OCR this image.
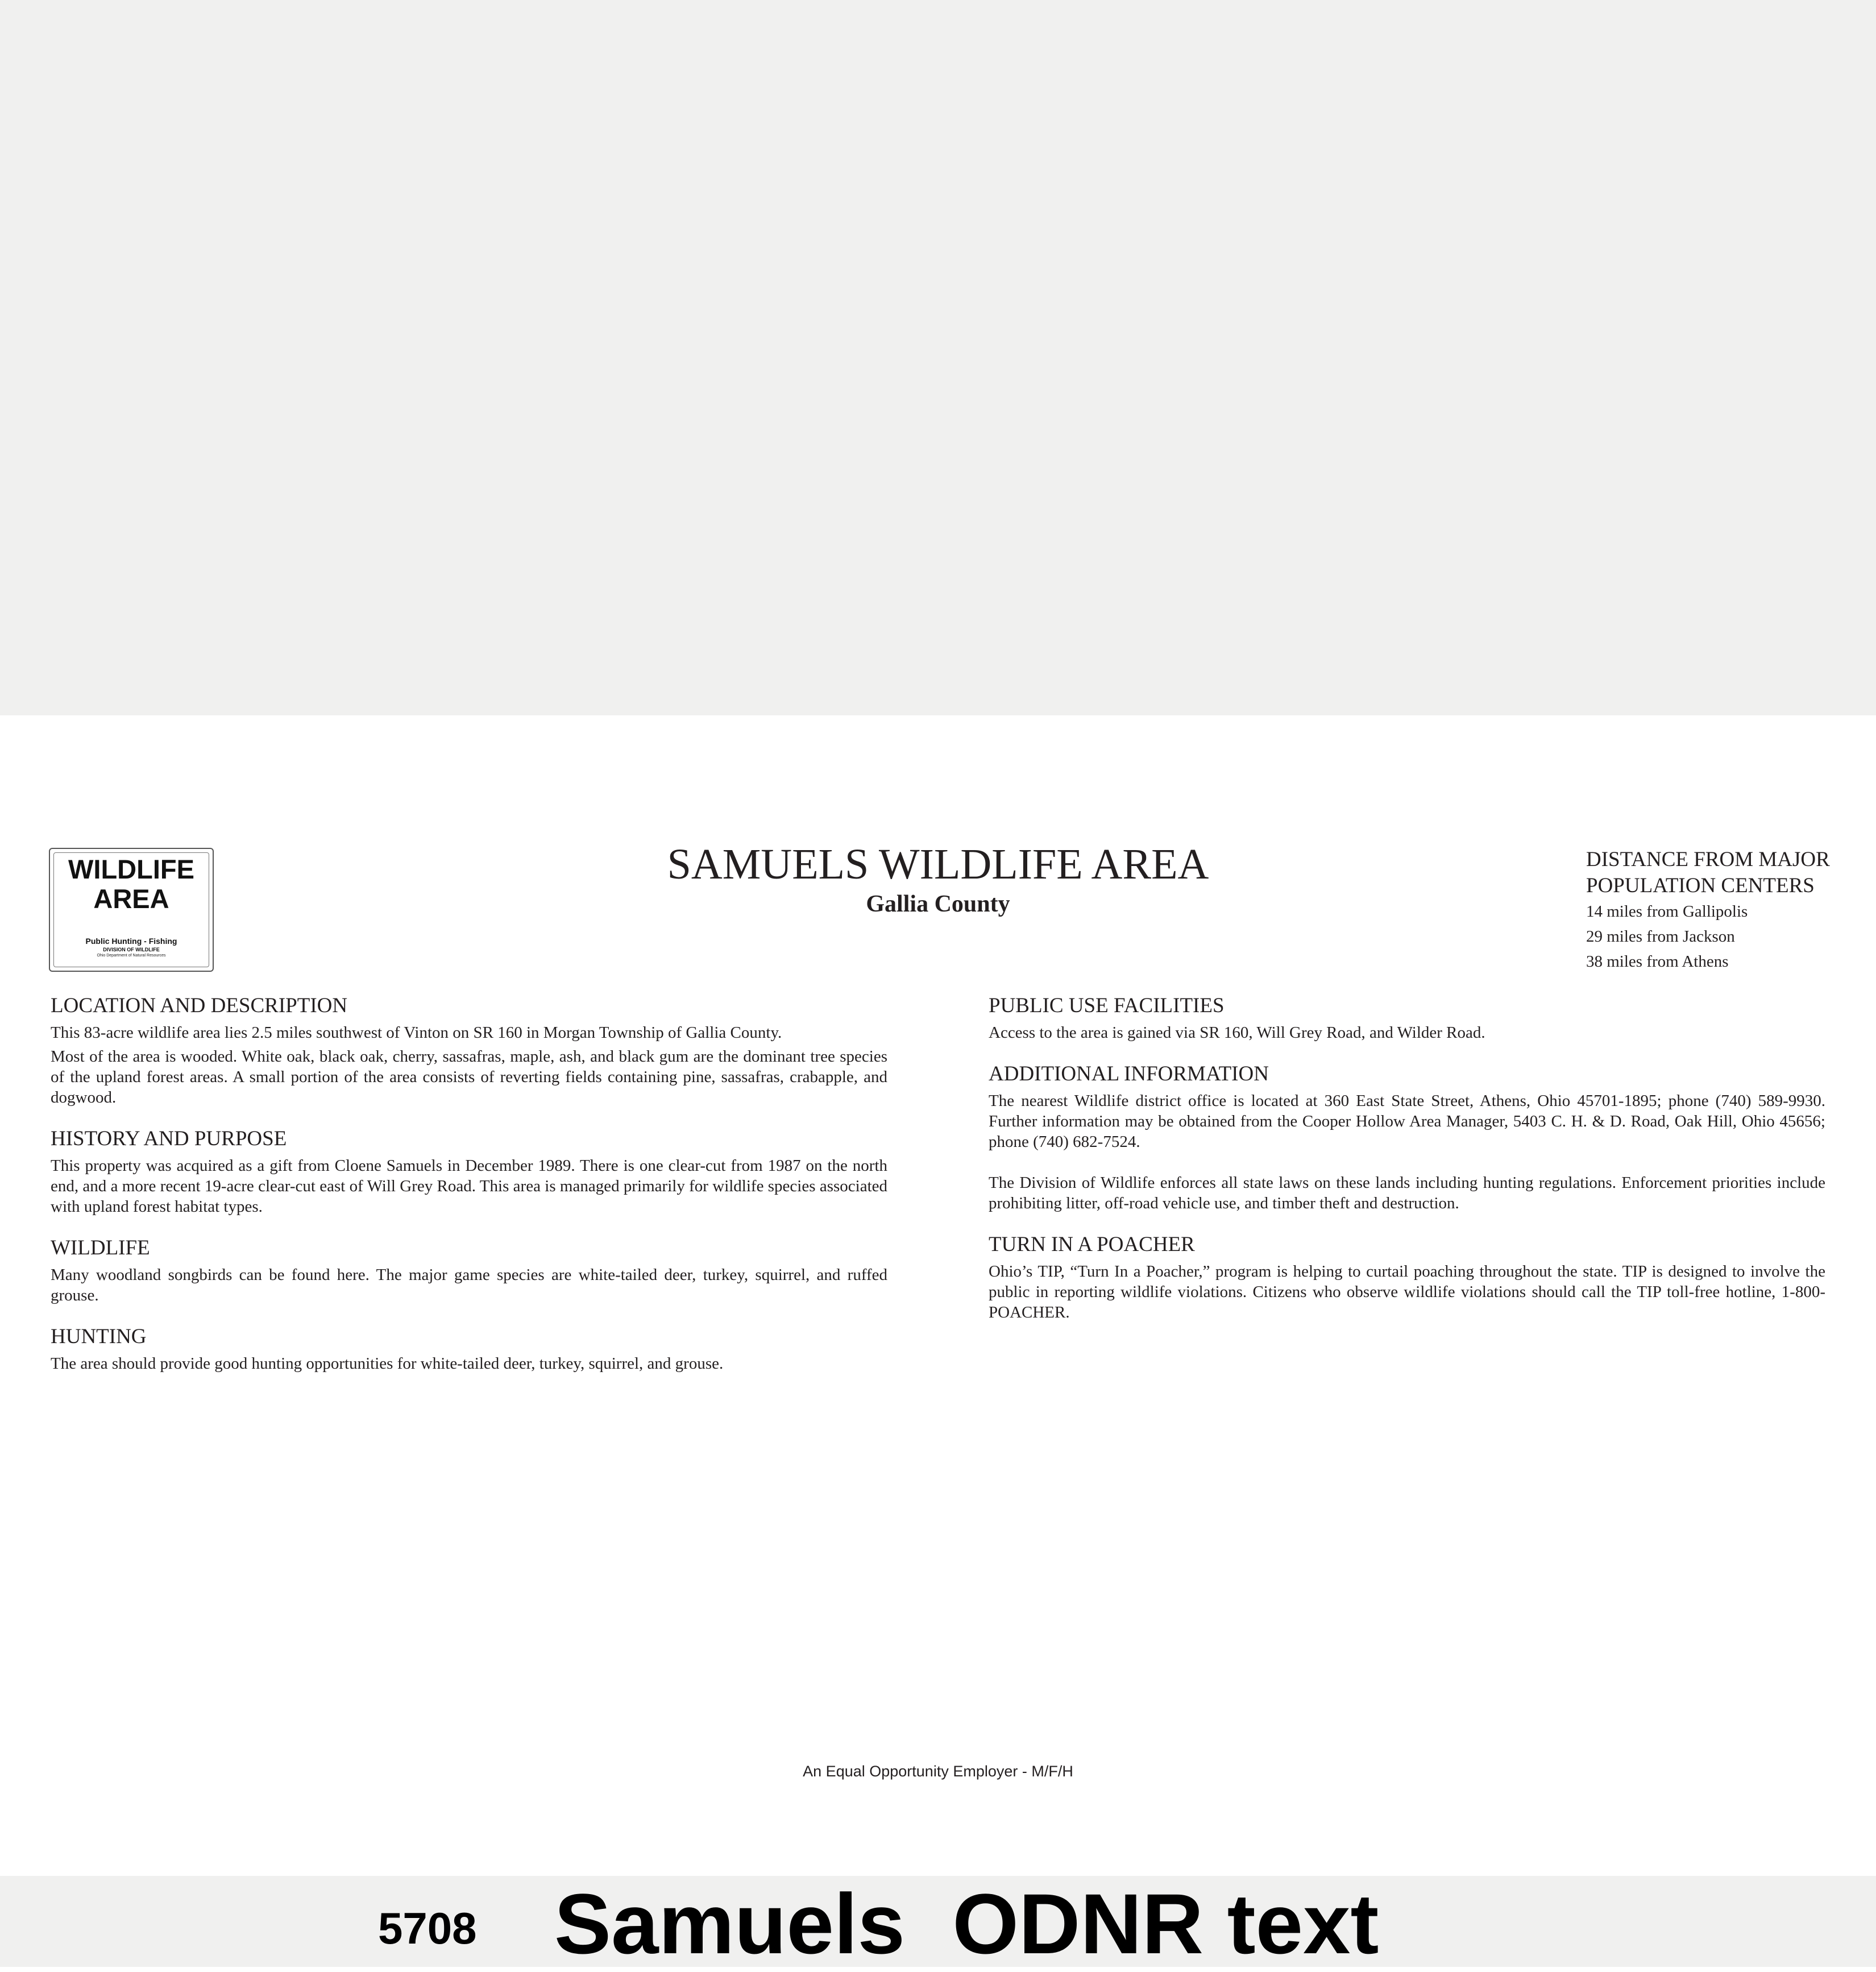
WILDLIFE
AREA
Public Hunting - Fishing
DIVISION OF WILDLIFE
Ohio Department of Natural Resources
SAMUELS WILDLIFE AREA
Gallia County
DISTANCE FROM MAJOR
POPULATION CENTERS

14 miles from Gallipolis

29 miles from Jackson

38 miles from Athens

LOCATION AND DESCRIPTION

This 83-acre wildlife area lies 2.5 miles southwest of Vinton on SR 160 in Morgan Township of Gallia County.

Most of the area is wooded. White oak, black oak, cherry, sassafras, maple, ash, and black gum are the dominant tree species of the upland forest areas. A small portion of the area consists of reverting fields containing pine, sassafras, crabapple, and dogwood.

HISTORY AND PURPOSE

This property was acquired as a gift from Cloene Samuels in December 1989. There is one clear-cut from 1987 on the north end, and a more recent 19-acre clear-cut east of Will Grey Road. This area is managed primarily for wildlife species associated with upland forest habitat types.

WILDLIFE

Many woodland songbirds can be found here. The major game species are white-tailed deer, turkey, squirrel, and ruffed grouse.

HUNTING

The area should provide good hunting opportunities for white-tailed deer, turkey, squirrel, and grouse.

PUBLIC USE FACILITIES

Access to the area is gained via SR 160, Will Grey Road, and Wilder Road.

ADDITIONAL INFORMATION

The nearest Wildlife district office is located at 360 East State Street, Athens, Ohio 45701-1895; phone (740) 589-9930. Further information may be obtained from the Cooper Hollow Area Manager, 5403 C. H. & D. Road, Oak Hill, Ohio 45656; phone (740) 682-7524.

The Division of Wildlife enforces all state laws on these lands including hunting regulations. Enforcement priorities include prohibiting litter, off-road vehicle use, and timber theft and destruction.

TURN IN A POACHER

Ohio’s TIP, “Turn In a Poacher,” program is helping to curtail poaching throughout the state. TIP is designed to involve the public in reporting wildlife violations. Citizens who observe wildlife violations should call the TIP toll-free hotline, 1-800-POACHER.

An Equal Opportunity Employer - M/F/H
5708 Samuels  ODNR text
